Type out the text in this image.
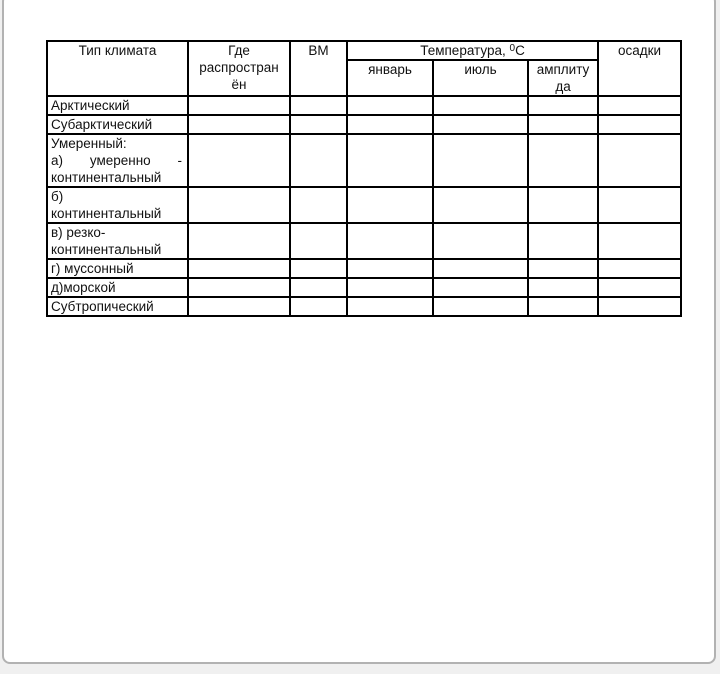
Тип климата	Где
распростран
ён	ВМ	Температура, $^0$С			осадки

			январь	июль	амплиту
да	

Арктический						

Субарктический						

Умеренный:
а) умеренно -
континентальный						

б)
континентальный						

в) резко-
континентальный						

г) муссонный						

д)морской						

Субтропический						
